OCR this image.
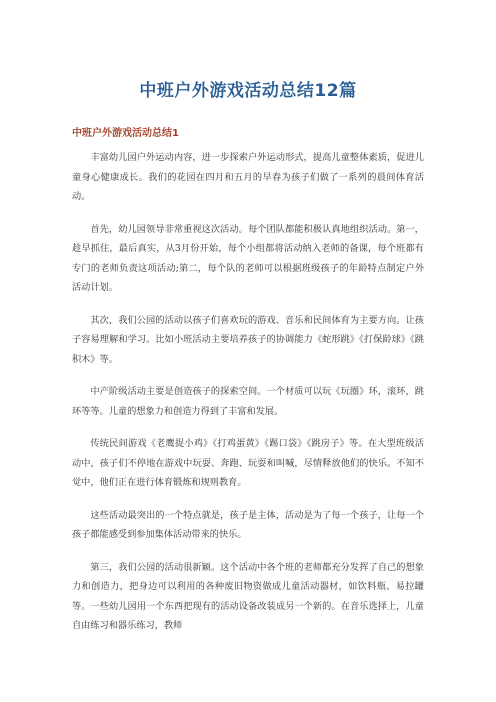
中班户外游戏活动总结12篇
中班户外游戏活动总结1

丰富幼儿园户外运动内容，进一步探索户外运动形式，提高儿童整体素质，促进儿童身心健康成长。我们的花园在四月和五月的早春为孩子们做了一系列的晨间体育活动。

首先，幼儿园领导非常重视这次活动。每个团队都能积极认真地组织活动。第一，趁早抓住，最后真实，从3月份开始，每个小组都将活动纳入老师的备课，每个班都有专门的老师负责这项活动;第二，每个队的老师可以根据班级孩子的年龄特点制定户外活动计划。

其次，我们公园的活动以孩子们喜欢玩的游戏、音乐和民间体育为主要方向。让孩子容易理解和学习。比如小班活动主要培养孩子的协调能力《蛇形跳》《打保龄球》《跳积木》等。

中产阶级活动主要是创造孩子的探索空间。一个材质可以玩《玩圈》环，滚环，跳环等等。儿童的想象力和创造力得到了丰富和发展。

传统民间游戏《老鹰捉小鸡》《打鸡蛋黄》《踢口袋》《跳房子》等。在大型班级活动中，孩子们不停地在游戏中玩耍、奔跑、玩耍和叫喊，尽情释放他们的快乐。不知不觉中，他们正在进行体育锻炼和规则教育。

这些活动最突出的一个特点就是，孩子是主体，活动是为了每一个孩子，让每一个孩子都能感受到参加集体活动带来的快乐。

第三，我们公园的活动很新颖。这个活动中各个班的老师都充分发挥了自己的想象力和创造力，把身边可以利用的各种废旧物资做成儿童活动器材，如饮料瓶、易拉罐等。一些幼儿园用一个东西把现有的活动设备改装成另一个新的。在音乐选择上，儿童自由练习和器乐练习，教师
